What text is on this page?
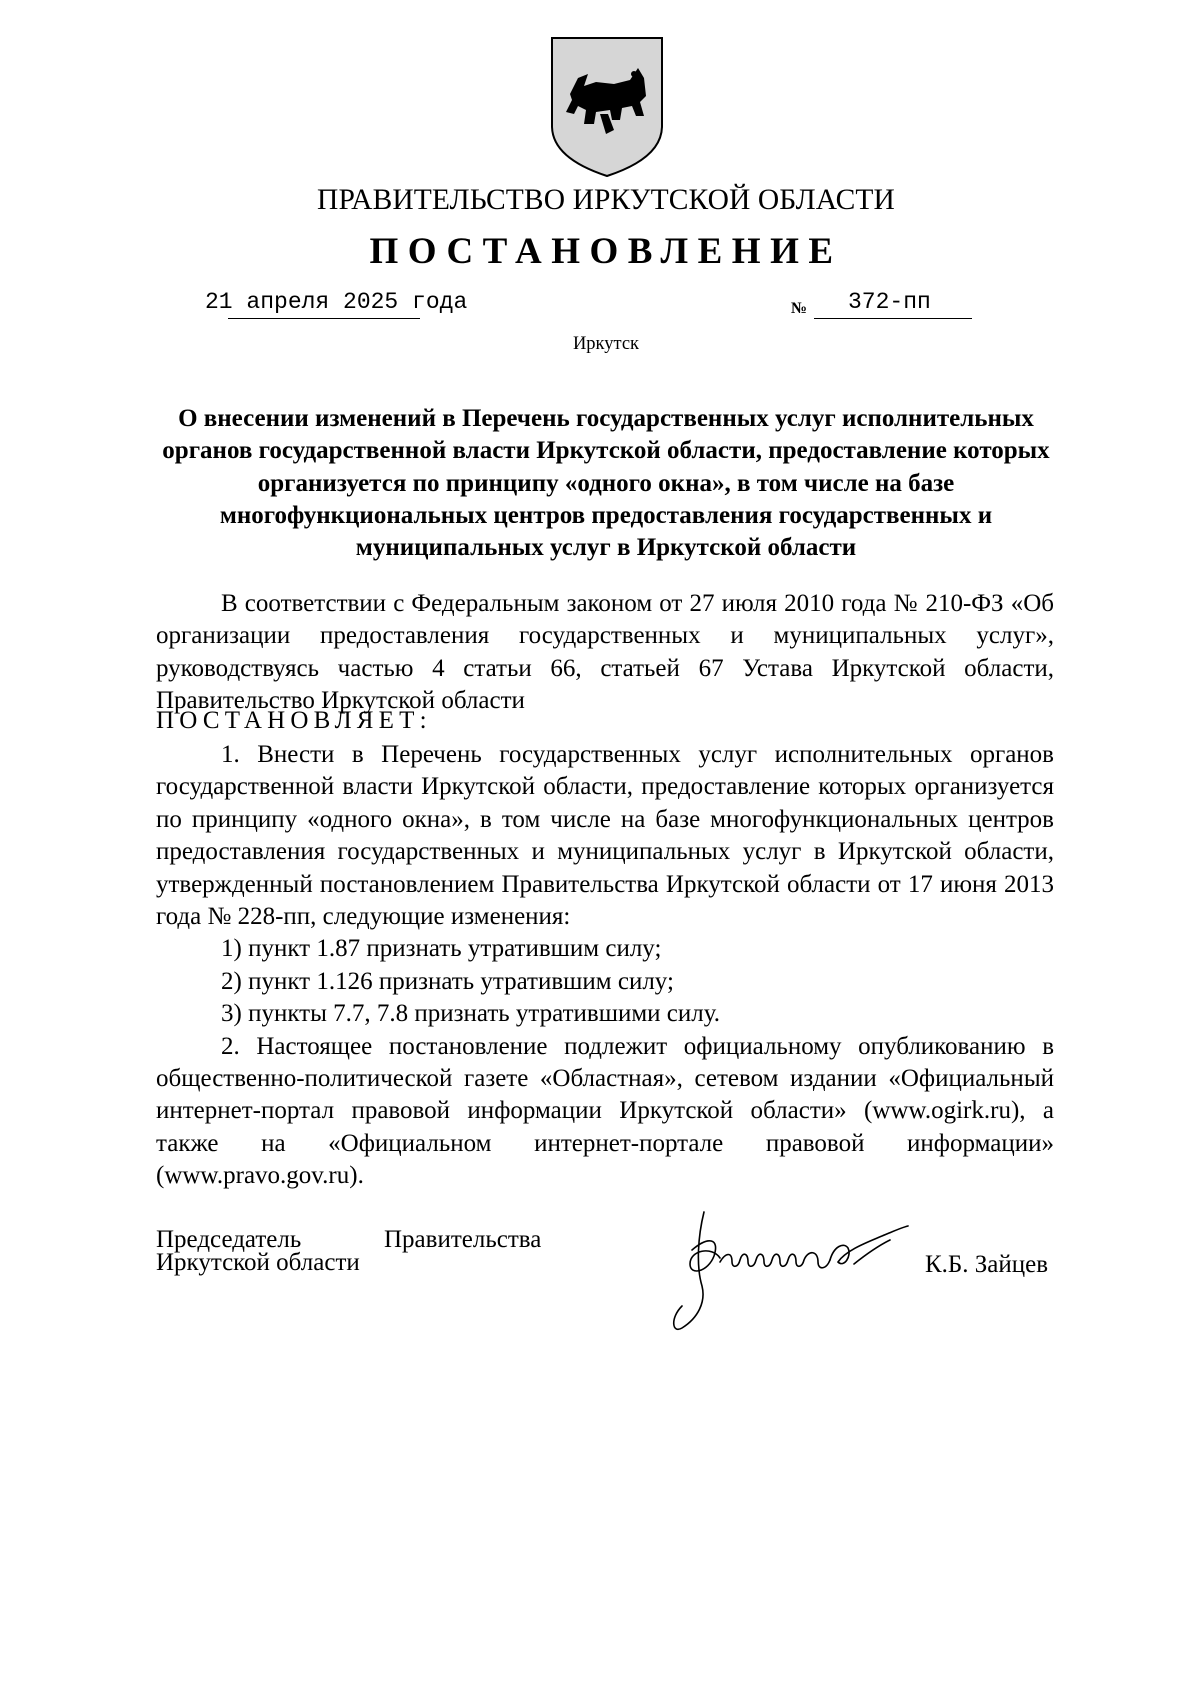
ПРАВИТЕЛЬСТВО ИРКУТСКОЙ ОБЛАСТИ
ПОСТАНОВЛЕНИЕ
21 апреля 2025 года	№ 372-пп
Иркутск
О внесении изменений в Перечень государственных услуг исполнительных органов государственной власти Иркутской области, предоставление которых организуется по принципу «одного окна», в том числе на базе многофункциональных центров предоставления государственных и муниципальных услуг в Иркутской области

В соответствии с Федеральным законом от 27 июля 2010 года № 210-ФЗ «Об организации предоставления государственных и муниципальных услуг», руководствуясь частью 4 статьи 66, статьей 67 Устава Иркутской области, Правительство Иркутской области

ПОСТАНОВЛЯЕТ:

1. Внести в Перечень государственных услуг исполнительных органов государственной власти Иркутской области, предоставление которых организуется по принципу «одного окна», в том числе на базе многофункциональных центров предоставления государственных и муниципальных услуг в Иркутской области, утвержденный постановлением Правительства Иркутской области от 17 июня 2013 года № 228-пп, следующие изменения:

1) пункт 1.87 признать утратившим силу;

2) пункт 1.126 признать утратившим силу;

3) пункты 7.7, 7.8 признать утратившими силу.

2. Настоящее постановление подлежит официальному опубликованию в общественно-политической газете «Областная», сетевом издании «Официальный интернет-портал правовой информации Иркутской области» (www.ogirk.ru), а также на «Официальном интернет-портале правовой информации» (www.pravo.gov.ru).

Председатель	Правительства
Иркутской области	К.Б. Зайцев
